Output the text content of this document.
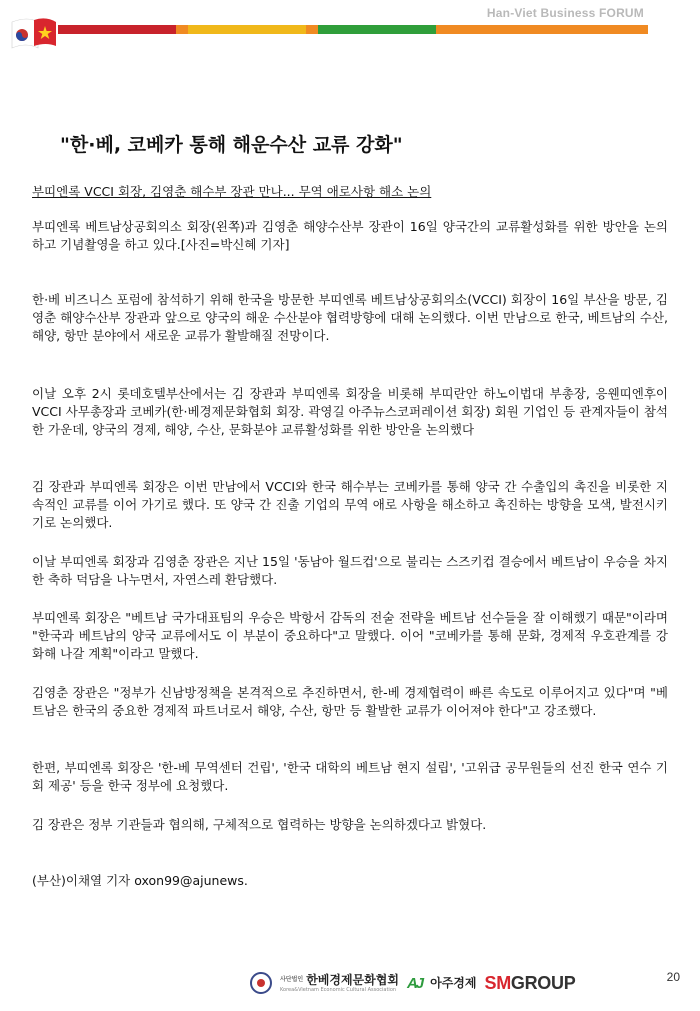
Han-Viet Business FORUM
"한·베, 코베카 통해 해운수산 교류 강화"

부띠엔록 VCCI 회장, 김영춘 해수부 장관 만나... 무역 애로사항 해소 논의

부띠엔록 베트남상공회의소 회장(왼쪽)과 김영춘 해양수산부 장관이 16일 양국간의 교류활성화를 위한 방안을 논의하고 기념촬영을 하고 있다.[사진=박신혜 기자]

한·베 비즈니스 포럼에 참석하기 위해 한국을 방문한 부띠엔록 베트남상공회의소(VCCI) 회장이 16일 부산을 방문, 김영춘 해양수산부 장관과 앞으로 양국의 해운 수산분야 협력방향에 대해 논의했다. 이번 만남으로 한국, 베트남의 수산, 해양, 항만 분야에서 새로운 교류가 활발해질 전망이다.

이날 오후 2시 롯데호텔부산에서는 김 장관과 부띠엔록 회장을 비롯해 부띠란안 하노이법대 부총장, 응웬띠엔후이 VCCI 사무총장과 코베카(한·베경제문화협회 회장. 곽영길 아주뉴스코퍼레이션 회장) 회원 기업인 등 관계자들이 참석한 가운데, 양국의 경제, 해양, 수산, 문화분야 교류활성화를 위한 방안을 논의했다

김 장관과 부띠엔록 회장은 이번 만남에서 VCCI와 한국 해수부는 코베카를 통해 양국 간 수출입의 촉진을 비롯한 지속적인 교류를 이어 가기로 했다. 또 양국 간 진출 기업의 무역 애로 사항을 해소하고 촉진하는 방향을 모색, 발전시키기로 논의했다.

이날 부띠엔록 회장과 김영춘 장관은 지난 15일 '동남아 월드컵'으로 불리는 스즈키컵 결승에서 베트남이 우승을 차지한 축하 덕담을 나누면서, 자연스레 환담했다.

부띠엔록 회장은 "베트남 국가대표팀의 우승은 박항서 감독의 전술 전략을 베트남 선수들을 잘 이해했기 때문"이라며 "한국과 베트남의 양국 교류에서도 이 부분이 중요하다"고 말했다. 이어 "코베카를 통해 문화, 경제적 우호관계를 강화해 나갈 계획"이라고 말했다.

김영춘 장관은 "정부가 신남방정책을 본격적으로 추진하면서, 한-베 경제협력이 빠른 속도로 이루어지고 있다"며 "베트남은 한국의 중요한 경제적 파트너로서 해양, 수산, 항만 등 활발한 교류가 이어져야 한다"고 강조했다.

한편, 부띠엔록 회장은 '한-베 무역센터 건립', '한국 대학의 베트남 현지 설립', '고위급 공무원들의 선진 한국 연수 기회 제공' 등을 한국 정부에 요청했다.

김 장관은 정부 기관들과 협의해, 구체적으로 협력하는 방향을 논의하겠다고 밝혔다.

(부산)이채열 기자 oxon99@ajunews.

사단법인 한베경제문화협회
Korea&Vietnam Economic Cultural Association AJ 아주경제 SMGROUP	20
